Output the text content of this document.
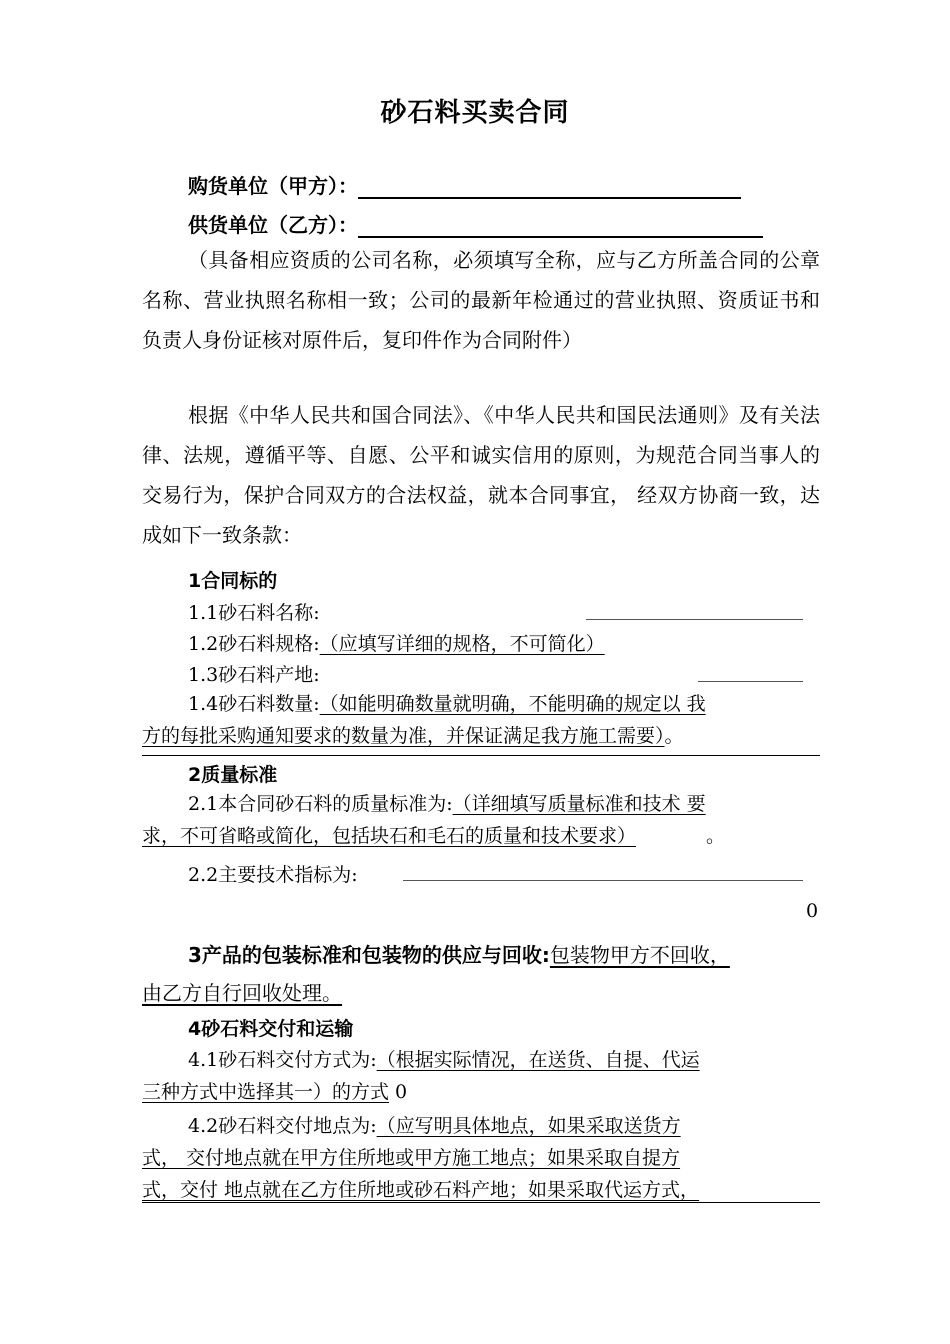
砂石料买卖合同
购货单位（甲方）：
供货单位（乙方）：
（具备相应资质的公司名称，必须填写全称，应与乙方所盖合同的公章名称、营业执照名称相一致；公司的最新年检通过的营业执照、资质证书和负责人身份证核对原件后，复印件作为合同附件）
根据《中华人民共和国合同法》、《中华人民共和国民法通则》及有关法律、法规，遵循平等、自愿、公平和诚实信用的原则，为规范合同当事人的交易行为，保护合同双方的合法权益，就本合同事宜， 经双方协商一致，达成如下一致条款：
1合同标的
1.1砂石料名称:
1.2砂石料规格:（应填写详细的规格，不可简化）
1.3砂石料产地:
1.4砂石料数量:（如能明确数量就明确，不能明确的规定以 我
方的每批采购通知要求的数量为准，并保证满足我方施工需要）。
2质量标准
2.1本合同砂石料的质量标准为:（详细填写质量标准和技术 要
求，不可省略或简化，包括块石和毛石的质量和技术要求）	。
2.2主要技术指标为:
0
3产品的包装标准和包装物的供应与回收:包装物甲方不回收，
由乙方自行回收处理。
4砂石料交付和运输
4.1砂石料交付方式为:（根据实际情况，在送货、自提、代运
三种方式中选择其一）的方式 0
4.2砂石料交付地点为:（应写明具体地点，如果采取送货方
式， 交付地点就在甲方住所地或甲方施工地点；如果采取自提方
式，交付 地点就在乙方住所地或砂石料产地；如果采取代运方式，
